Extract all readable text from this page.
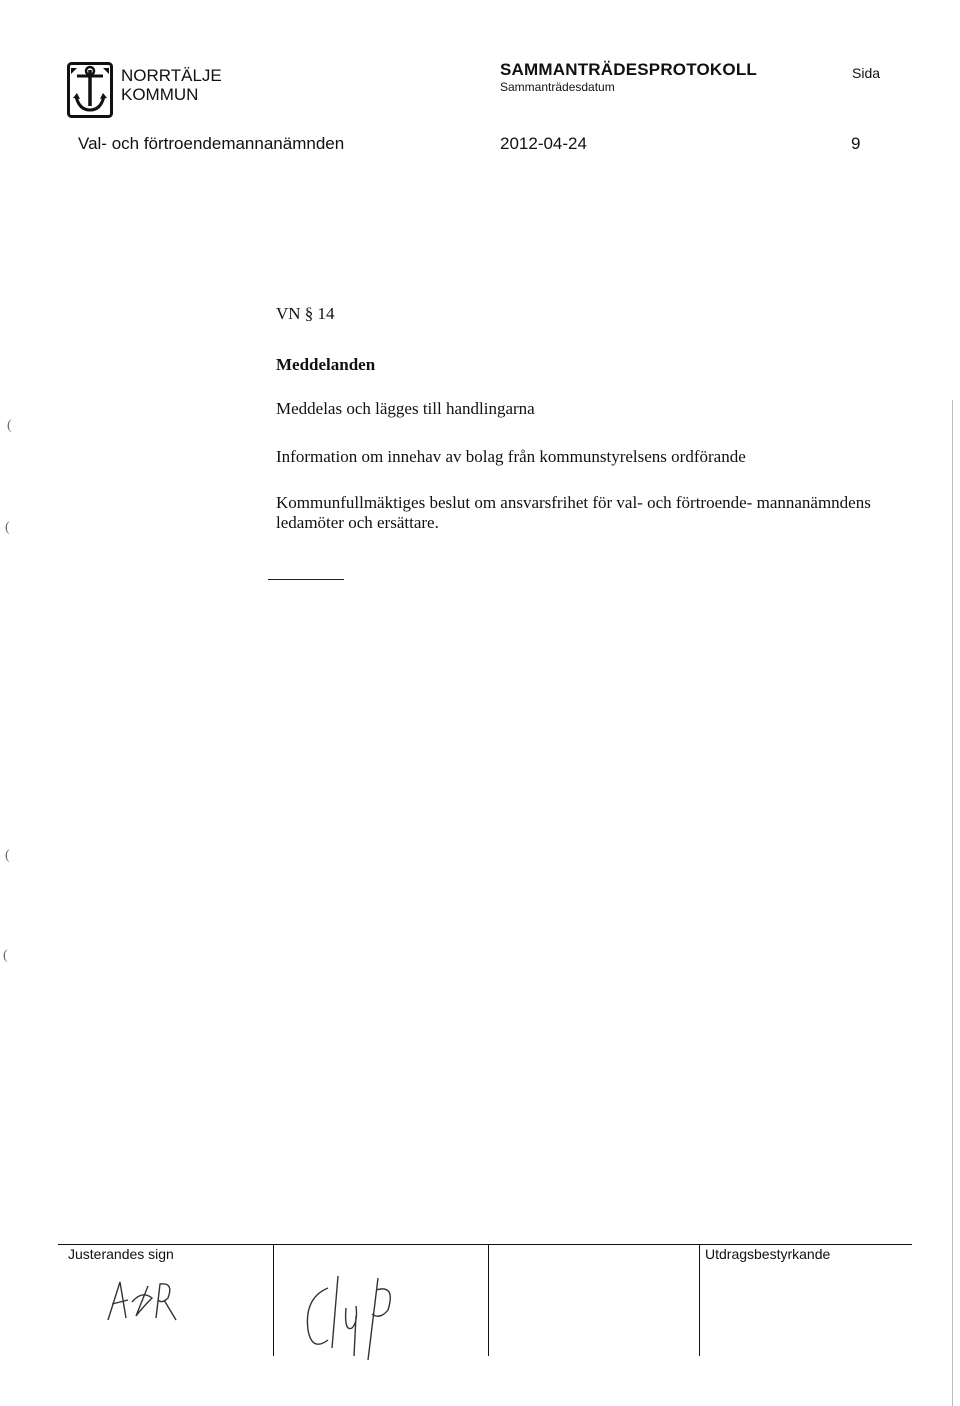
NORRTÄLJE
KOMMUN
SAMMANTRÄDESPROTOKOLL
Sammanträdesdatum
Sida
Val- och förtroendemannanämnden	2012-04-24	9
VN § 14
Meddelanden
Meddelas och lägges till handlingarna
Information om innehav av bolag från kommunstyrelsens ordförande
Kommunfullmäktiges beslut om ansvarsfrihet för val- och förtroende- mannanämndens ledamöter och ersättare.
(
(
(
(
Justerandes sign	Utdragsbestyrkande
